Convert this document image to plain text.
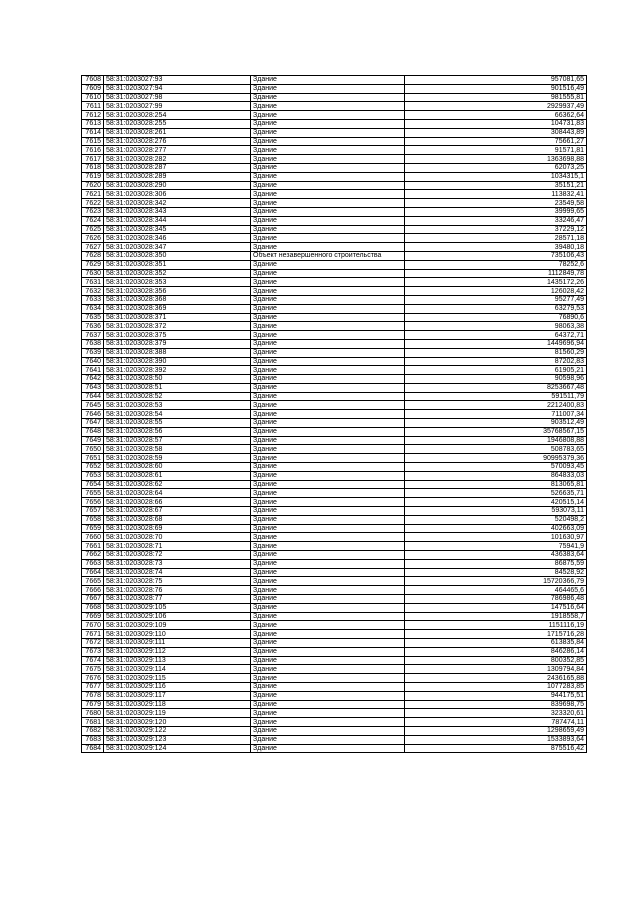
7608	58:31:0203027:93	Здание	957081,65
7609	58:31:0203027:94	Здание	901516,49
7610	58:31:0203027:98	Здание	981555,81
7611	58:31:0203027:99	Здание	2929937,49
7612	58:31:0203028:254	Здание	66362,64
7613	58:31:0203028:255	Здание	104731,83
7614	58:31:0203028:261	Здание	308443,89
7615	58:31:0203028:276	Здание	75661,27
7616	58:31:0203028:277	Здание	91571,81
7617	58:31:0203028:282	Здание	1363698,88
7618	58:31:0203028:287	Здание	62073,25
7619	58:31:0203028:289	Здание	1034315,1
7620	58:31:0203028:290	Здание	35151,21
7621	58:31:0203028:306	Здание	113832,41
7622	58:31:0203028:342	Здание	23549,58
7623	58:31:0203028:343	Здание	39999,65
7624	58:31:0203028:344	Здание	33246,47
7625	58:31:0203028:345	Здание	37229,12
7626	58:31:0203028:346	Здание	28571,18
7627	58:31:0203028:347	Здание	39480,18
7628	58:31:0203028:350	Объект незавершенного строительства	735106,43
7629	58:31:0203028:351	Здание	78252,6
7630	58:31:0203028:352	Здание	1112849,78
7631	58:31:0203028:353	Здание	1435172,26
7632	58:31:0203028:356	Здание	126028,42
7633	58:31:0203028:368	Здание	95277,49
7634	58:31:0203028:369	Здание	63279,53
7635	58:31:0203028:371	Здание	76890,6
7636	58:31:0203028:372	Здание	98063,38
7637	58:31:0203028:375	Здание	64372,71
7638	58:31:0203028:379	Здание	1449696,94
7639	58:31:0203028:388	Здание	81560,29
7640	58:31:0203028:390	Здание	87202,83
7641	58:31:0203028:392	Здание	61905,21
7642	58:31:0203028:50	Здание	90598,96
7643	58:31:0203028:51	Здание	8253667,48
7644	58:31:0203028:52	Здание	591511,79
7645	58:31:0203028:53	Здание	2212400,83
7646	58:31:0203028:54	Здание	711007,34
7647	58:31:0203028:55	Здание	903512,49
7648	58:31:0203028:56	Здание	35768567,15
7649	58:31:0203028:57	Здание	1946808,88
7650	58:31:0203028:58	Здание	508783,65
7651	58:31:0203028:59	Здание	90995379,36
7652	58:31:0203028:60	Здание	570093,45
7653	58:31:0203028:61	Здание	864833,03
7654	58:31:0203028:62	Здание	813065,81
7655	58:31:0203028:64	Здание	526635,71
7656	58:31:0203028:66	Здание	420515,14
7657	58:31:0203028:67	Здание	593073,11
7658	58:31:0203028:68	Здание	520498,2
7659	58:31:0203028:69	Здание	402663,09
7660	58:31:0203028:70	Здание	101630,97
7661	58:31:0203028:71	Здание	75941,9
7662	58:31:0203028:72	Здание	436383,64
7663	58:31:0203028:73	Здание	86875,59
7664	58:31:0203028:74	Здание	84528,92
7665	58:31:0203028:75	Здание	15720366,79
7666	58:31:0203028:76	Здание	464465,6
7667	58:31:0203028:77	Здание	786986,48
7668	58:31:0203029:105	Здание	147516,64
7669	58:31:0203029:106	Здание	1918558,7
7670	58:31:0203029:109	Здание	1151116,19
7671	58:31:0203029:110	Здание	1715716,28
7672	58:31:0203029:111	Здание	613835,84
7673	58:31:0203029:112	Здание	846286,14
7674	58:31:0203029:113	Здание	800352,85
7675	58:31:0203029:114	Здание	1309794,84
7676	58:31:0203029:115	Здание	2436165,88
7677	58:31:0203029:116	Здание	1077283,85
7678	58:31:0203029:117	Здание	944175,51
7679	58:31:0203029:118	Здание	839698,75
7680	58:31:0203029:119	Здание	323320,61
7681	58:31:0203029:120	Здание	787474,11
7682	58:31:0203029:122	Здание	1298659,49
7683	58:31:0203029:123	Здание	1533893,64
7684	58:31:0203029:124	Здание	875516,42
